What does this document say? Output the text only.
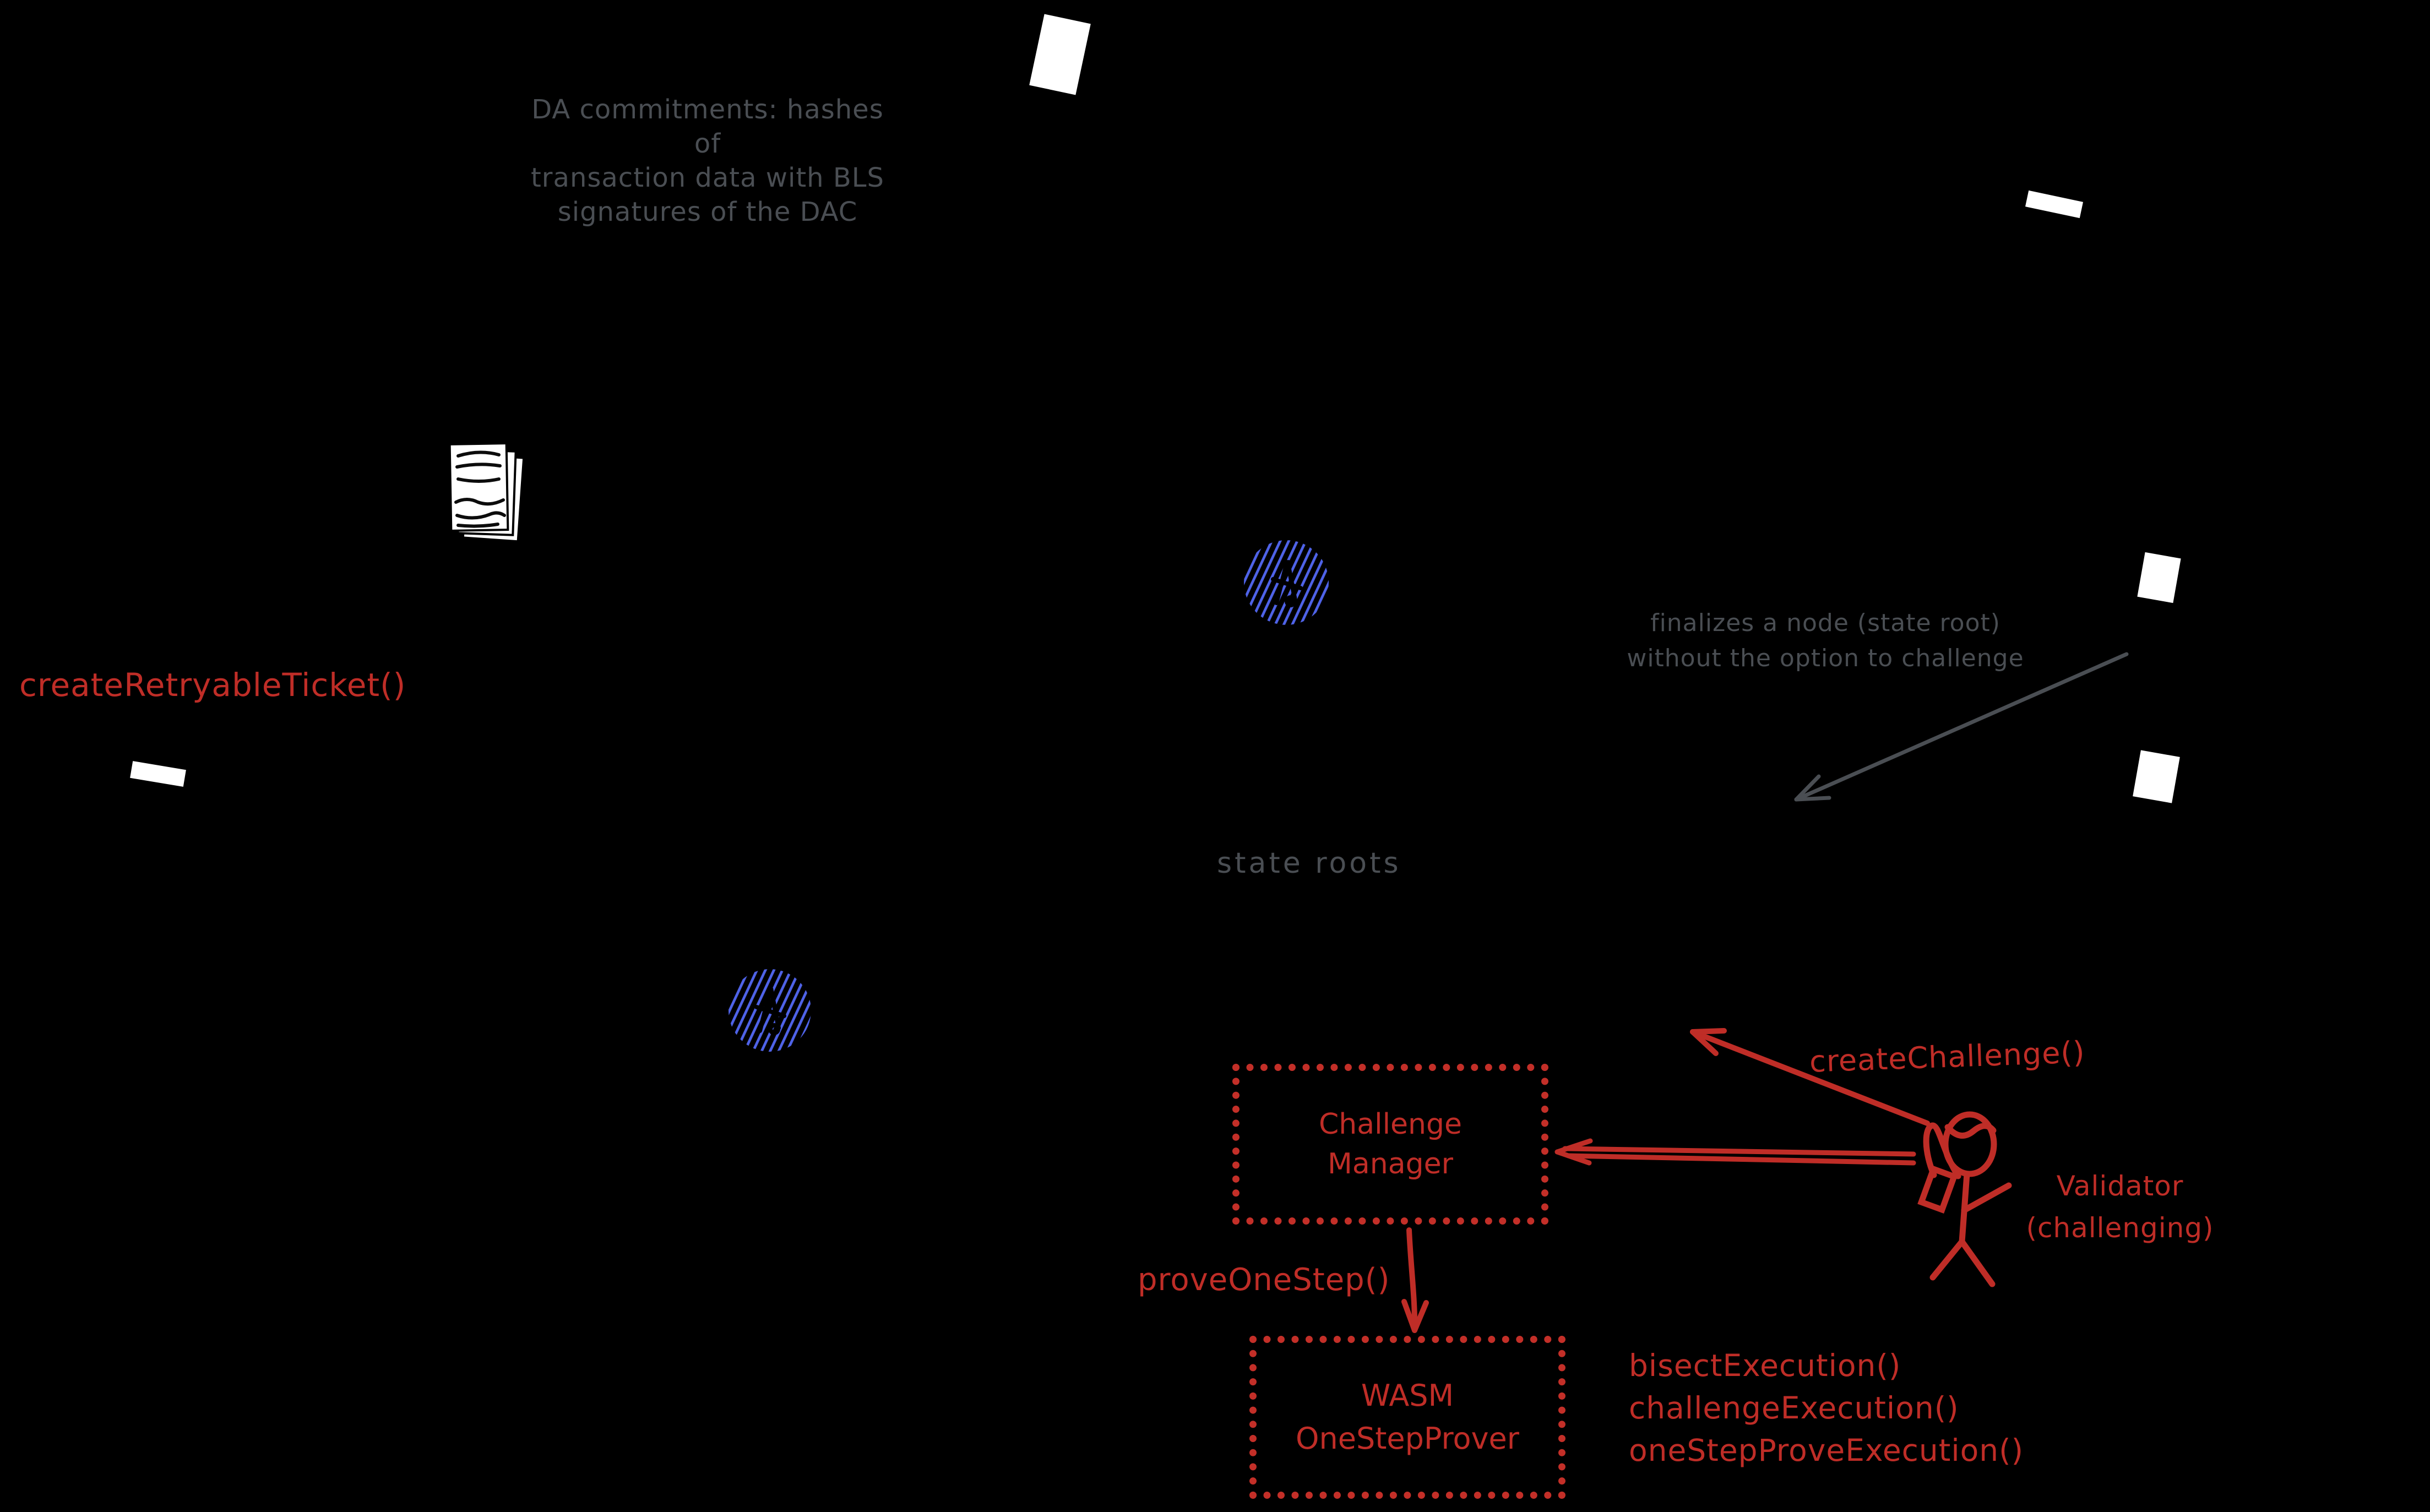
DA commitments: hashes of
transaction data with BLS
signatures of the DAC
finalizes a node (state root)
without the option to challenge
state roots
createRetryableTicket()
createChallenge()
Validator
(challenging)
proveOneStep()
bisectExecution()
challengeExecution()
oneStepProveExecution()
Challenge
Manager
WASM
OneStepProver
